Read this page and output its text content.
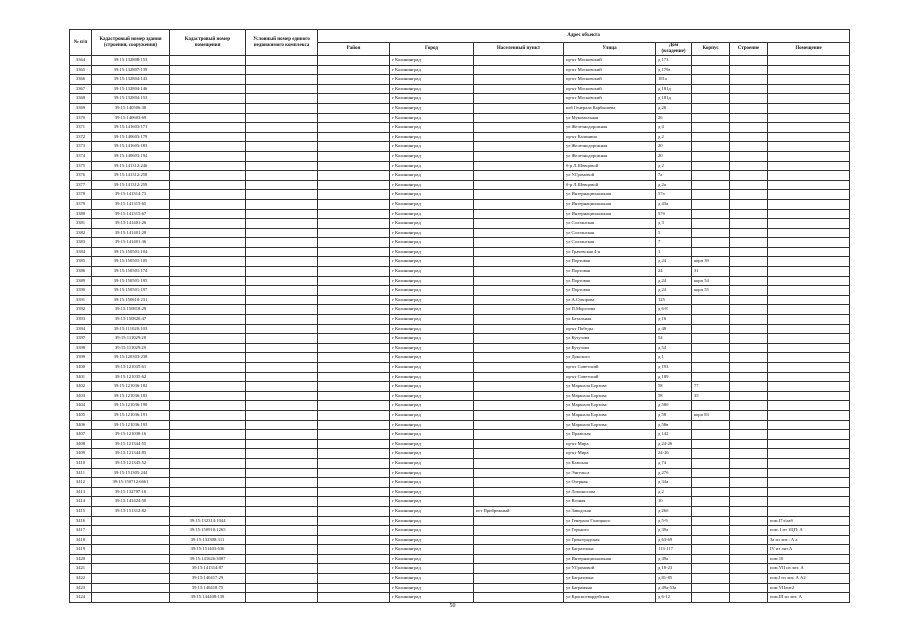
№ п/п	Кадастровый номер здания (строения, сооружения)	Кадастровый номер помещения	Условный номер единого недвижимого комплекса	Адрес объекта							
				Район	Город	Населенный пункт	Улица	Дом (владение)	Корпус	Строение	Помещение
3364	39:15:132808:153				г Калининград		пр-кт Московский	д 173			
3365	39:15:132807:139				г Калининград		пр-кт Московский	д 179а			
3366	39:15:132804:143				г Калининград		пр-кт Московский	181а			
3367	39:15:132804:146				г Калининград		пр-кт Московский	д 181д			
3368	39:15:132804:153				г Калининград		пр-кт Московский	д 181д			
3369	39:15:140506:38				г Калининград		наб Генерала Карбышева	д 26			
3370	39:15:140603:69				г Калининград		ул Мукомольная	26			
3371	39:15:141603:171				г Калининград		ул Железнодорожная	д 4			
3372	39:15:140603:179				г Калининград		пр-кт Калинина	д 2			
3373	39:15:141603:183				г Калининград		ул Железнодорожная	20			
3374	39:15:140603:194				г Калининград		ул Железнодорожная	20			
3375	39:15:141312:246				г Калининград		б-р Л.Шевцовой	д 2			
3376	39:15:141312:258				г Калининград		ул У.Громовой	7а			
3377	39:15:141312:259				г Калининград		б-р Л.Шевцовой	д 2а			
3378	39:15:141314:73				г Калининград		ул Интернациональная	57а			
3379	39:15:141315:65				г Калининград		ул Интернациональная	д 43а			
3380	39:15:141315:67				г Калининград		ул Интернациональная	57б			
3381	39:15:141401:26				г Калининград		ул Солтанская	д 3			
3382	39:15:141401:28				г Калининград		ул Солтанская	5			
3383	39:15:141401:36				г Калининград		ул Солтанская	7			
3384	39:15:150501:104				г Калининград		ул Грачевская 4-я	1			
3385	39:15:150501:105				г Калининград		ул Портовая	д 24	корп 39		
3386	39:15:150501:174				г Калининград		ул Портовая	24	31		
3389	39:15:150501:195				г Калининград		ул Портовая	д 24	корп 54		
3390	39:15:150501:197				г Калининград		ул Портовая	д 24	корп 55		
3391	39:15:150610:231				г Калининград		ул А.Суворова	125			
3392	39:15:150818:29				г Калининград		ул П.Морозова	д 6-8			
3393	39:15:150820:47				г Калининград		ул Батальная	д 16			
3394	39:15:111020:103				г Калининград		пр-кт Победы	д 48			
3397	39:15:111029:28				г Калининград		ул Кутузова	54			
3398	39:15:111029:29				г Калининград		ул Кутузова	д 54			
3399	39:15:120303:238				г Калининград		ул Донского	д 1			
3400	39:15:121035:61				г Калининград		пр-кт Советский	д 193			
3401	39:15:121035:62				г Калининград		пр-кт Советский	д 189			
3402	39:15:121036:182				г Калининград		ул Маршала Борзова	58	77		
3403	39:15:121036:183				г Калининград		ул Маршала Борзова	58	35		
3404	39:15:121036:190				г Калининград		ул Маршала Борзова	д 58б			
3405	39:15:121036:191				г Калининград		ул Маршала Борзова	д 58	корп 83		
3406	39:15:121036:193				г Калининград		ул Маршала Борзова	д 58в			
3407	39:15:121038:16				г Калининград		ул Пражская	д 142			
3408	39:15:121344:55				г Калининград		пр-кт Мира	д 24-26			
3409	39:15:121344:85				г Калининград		пр-кт Мира	24-26			
3410	39:15:121345:52				г Калининград		ул Камская	д 74			
3411	39:15:151305:244				г Калининград		ул Энгельса	д 27б			
3412	39:15:150712:6661				г Калининград		ул Озерная	д 34а			
3413	39:15:132707:16				г Калининград		ул Ломоносова	д 2			
3414	39:15:141424:50				г Калининград		ул Возная	10			
3415	39:15:151312:82				г Калининград	пгт Прибрежный	ул Заводская	д 26б			
3416		39:15:132314:1044			г Калининград		ул Генерала Галицкого	д 5-9			пом.I7л/лаб
3417		39:15:150910:1265			г Калининград		ул Горького	д 39а			пом. I из 1ЦП: А
3418		39:15:132308:311			г Калининград		ул Грекоградская	д 63-69			3а из лит.: А а
3419		39:15:151403:636			г Калининград		ул Багратиона	113-117			IV из лит.А
3420		39:15:141626:3087			г Калининград		ул Интернациональная	д 49а			пом 10
3421		39:15:141314:87			г Калининград		ул У.Громовой	д 18-23			пом.VII из лит. А
3422		39:15:140417:29			г Калининград		ул Багратиона	д 81-85			пом.I из лит. А А2
3423		39:15:140418:75			г Калининград		ул Баграмяна	д 49а-53а			пом VIIлит2
3424		39:15:144408:139			г Калининград		ул Красногвардейская	д 6-12			пом.III из лит. А
50
